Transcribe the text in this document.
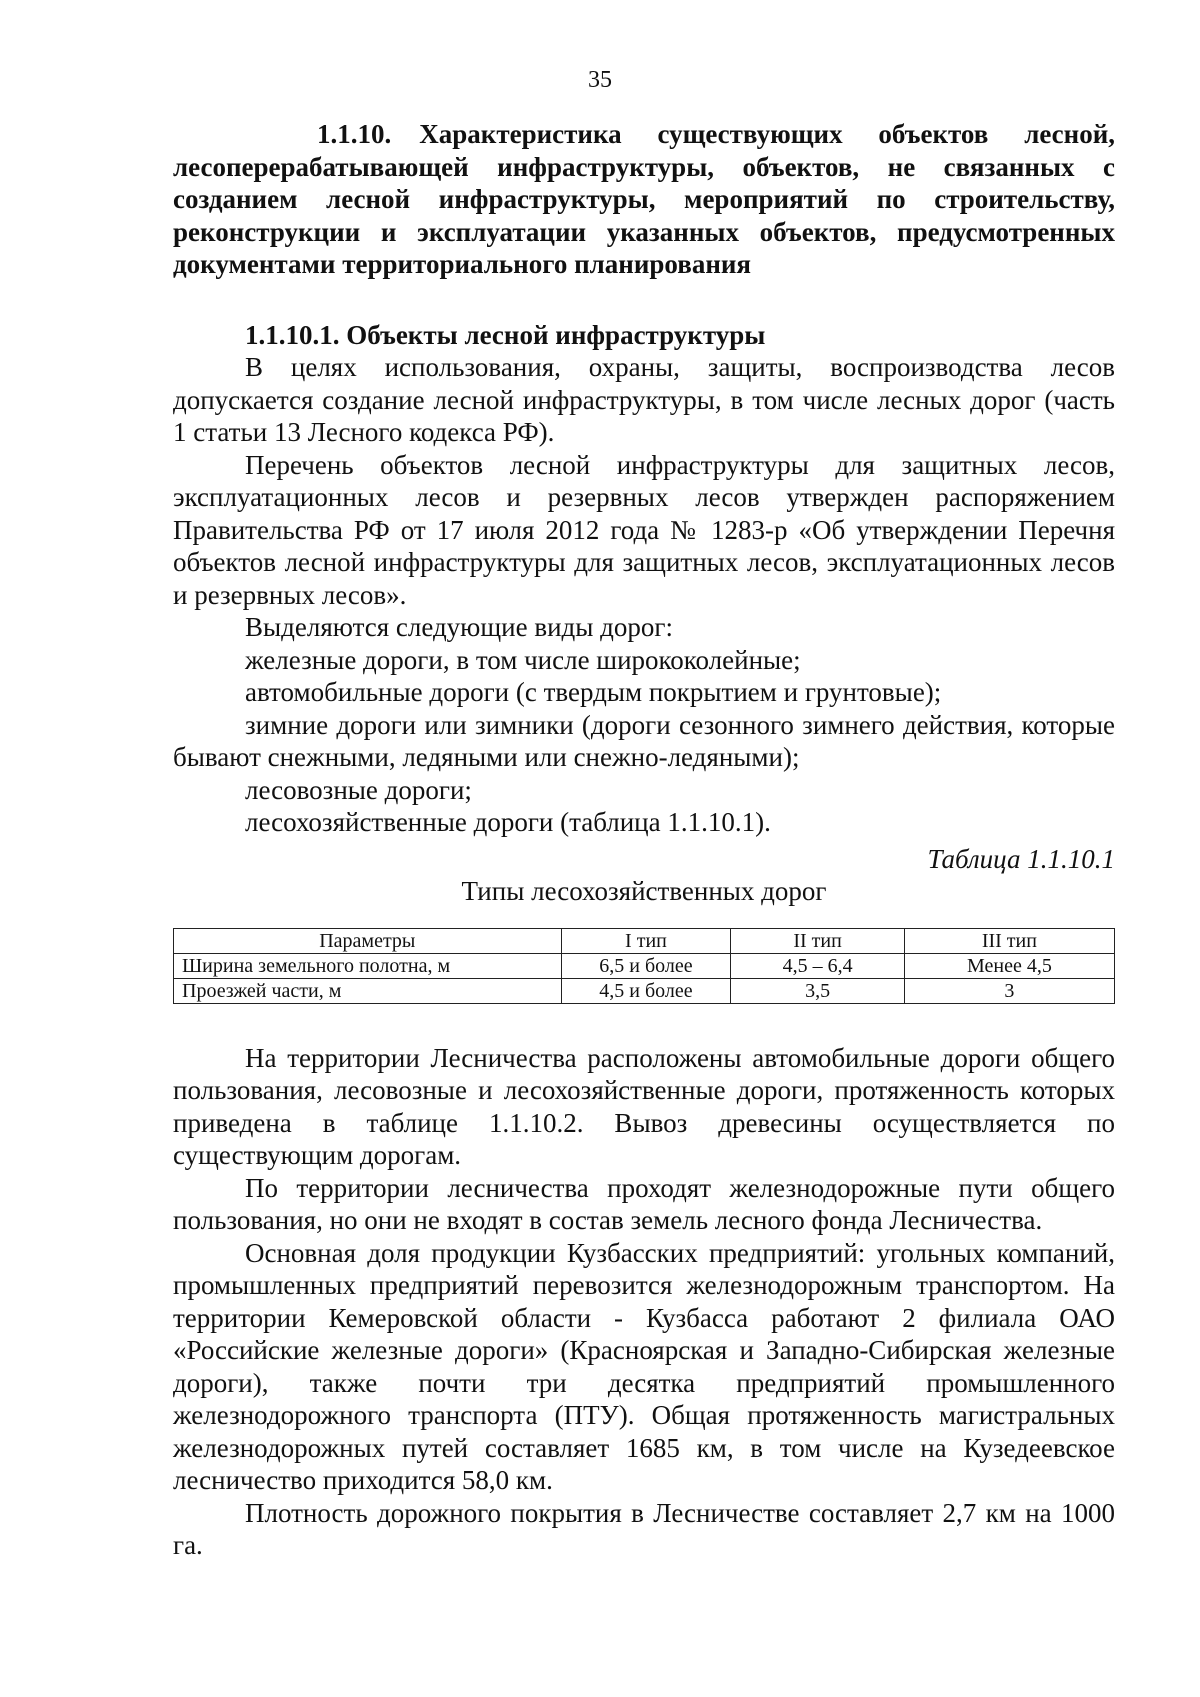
35

1.1.10. Характеристика существующих объектов лесной, лесоперерабатывающей инфраструктуры, объектов, не связанных с созданием лесной инфраструктуры, мероприятий по строительству, реконструкции и эксплуатации указанных объектов, предусмотренных документами территориального планирования

1.1.10.1. Объекты лесной инфраструктуры

В целях использования, охраны, защиты, воспроизводства лесов допускается создание лесной инфраструктуры, в том числе лесных дорог (часть 1 статьи 13 Лесного кодекса РФ).

Перечень объектов лесной инфраструктуры для защитных лесов, эксплуатационных лесов и резервных лесов утвержден распоряжением Правительства РФ от 17 июля 2012 года № 1283-р «Об утверждении Перечня объектов лесной инфраструктуры для защитных лесов, эксплуатационных лесов и резервных лесов».

Выделяются следующие виды дорог:

железные дороги, в том числе ширококолейные;

автомобильные дороги (с твердым покрытием и грунтовые);

зимние дороги или зимники (дороги сезонного зимнего действия, которые бывают снежными, ледяными или снежно-ледяными);

лесовозные дороги;

лесохозяйственные дороги (таблица 1.1.10.1).

Таблица 1.1.10.1

Типы лесохозяйственных дорог

Параметры	I тип	II тип	III тип
Ширина земельного полотна, м	6,5 и более	4,5 – 6,4	Менее 4,5
Проезжей части, м	4,5 и более	3,5	3

На территории Лесничества расположены автомобильные дороги общего пользования, лесовозные и лесохозяйственные дороги, протяженность которых приведена в таблице 1.1.10.2. Вывоз древесины осуществляется по существующим дорогам.

По территории лесничества проходят железнодорожные пути общего пользования, но они не входят в состав земель лесного фонда Лесничества.

Основная доля продукции Кузбасских предприятий: угольных компаний, промышленных предприятий перевозится железнодорожным транспортом. На территории Кемеровской области - Кузбасса работают 2 филиала ОАО «Российские железные дороги» (Красноярская и Западно-Сибирская железные дороги), также почти три десятка предприятий промышленного железнодорожного транспорта (ПТУ). Общая протяженность магистральных железнодорожных путей составляет 1685 км, в том числе на Кузедеевское лесничество приходится 58,0 км.

Плотность дорожного покрытия в Лесничестве составляет 2,7 км на 1000 га.
